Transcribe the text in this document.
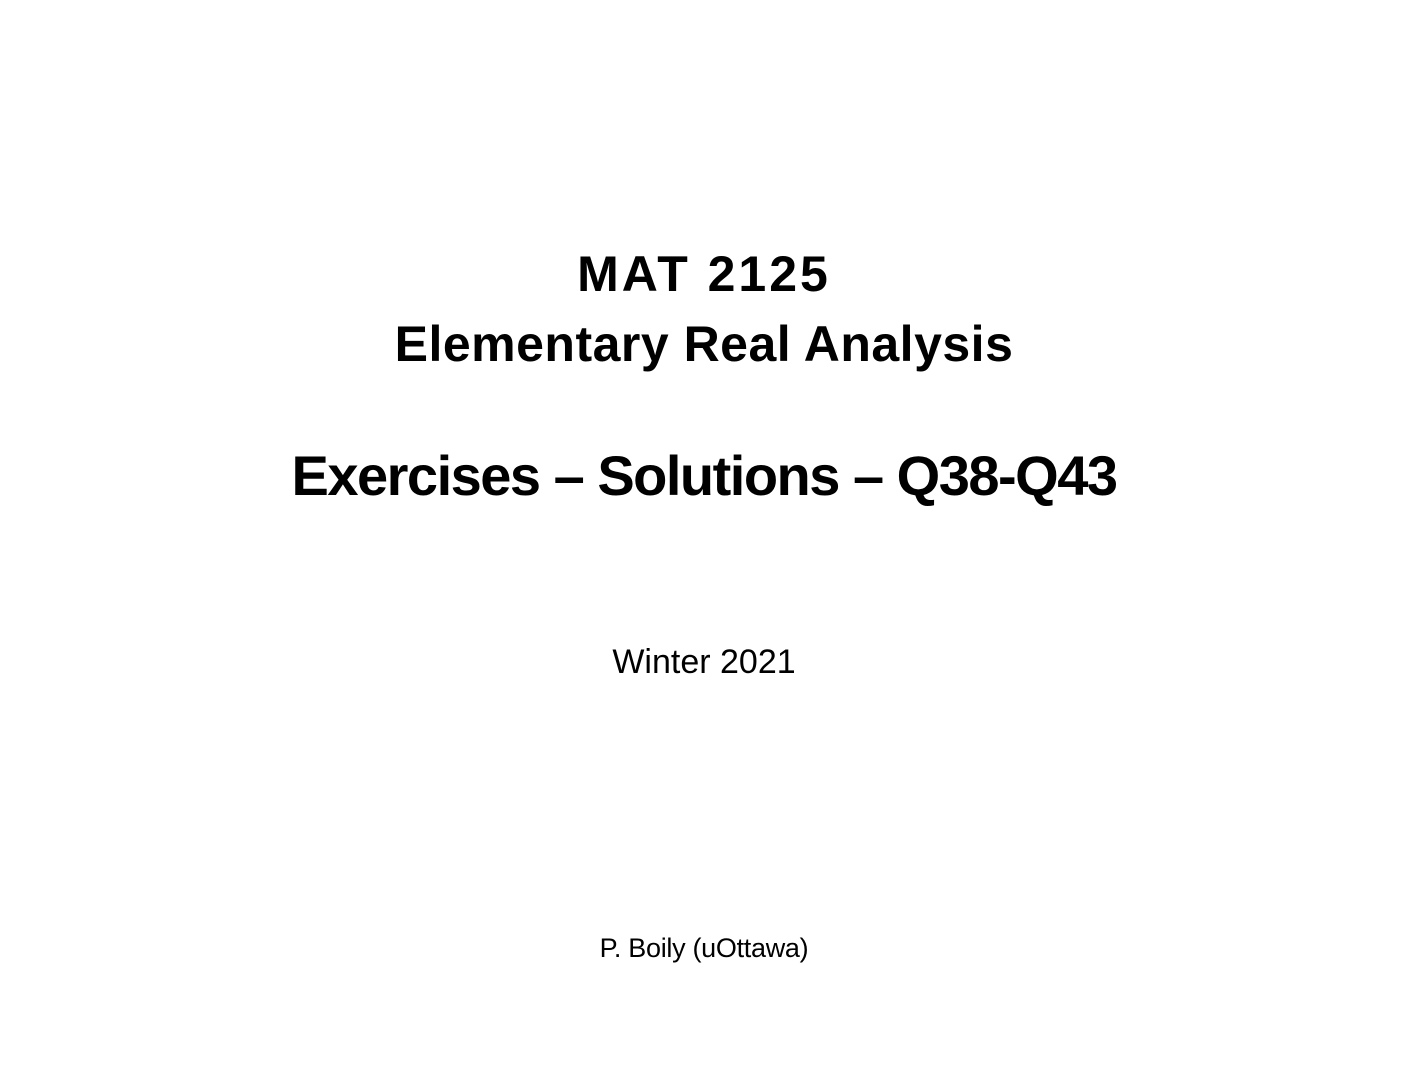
MAT 2125
Elementary Real Analysis
Exercises – Solutions – Q38-Q43
Winter 2021
P. Boily (uOttawa)
